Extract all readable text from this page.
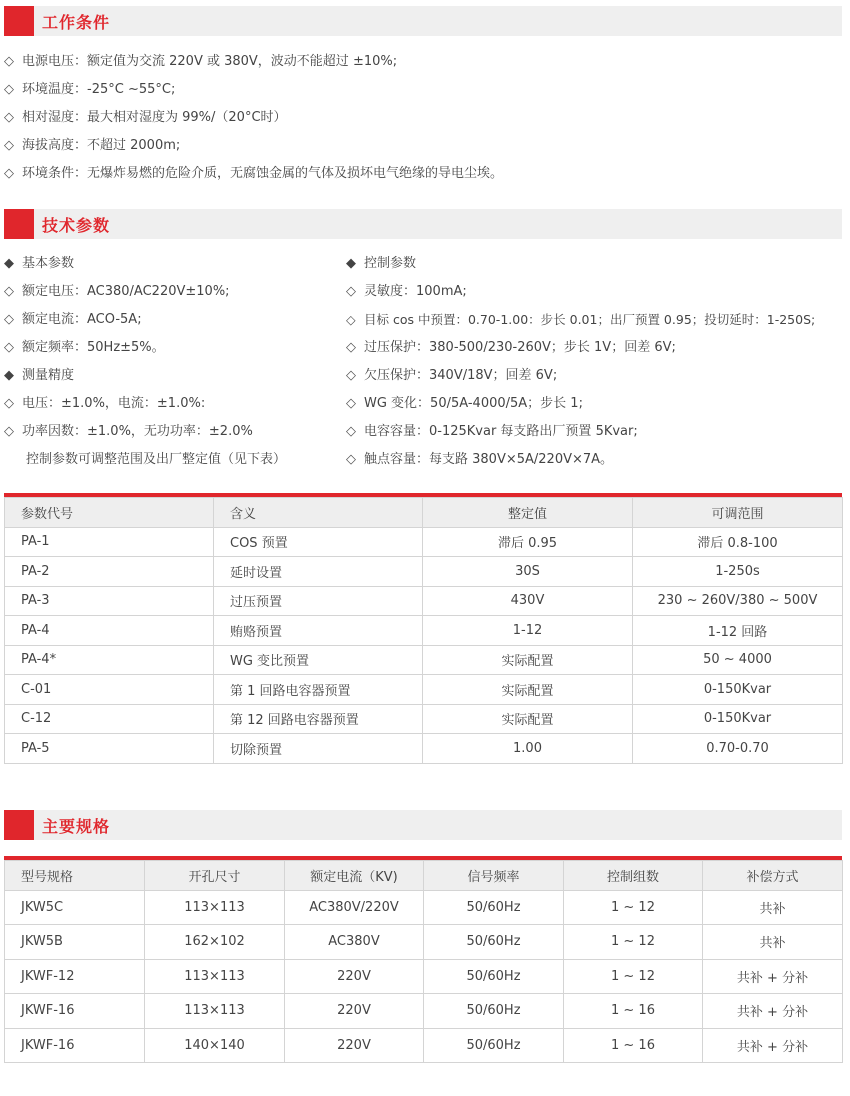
工作条件
◇ 电源电压：额定值为交流 220V 或 380V，波动不能超过 ±10%;
◇ 环境温度：-25°C ~55°C;
◇ 相对湿度：最大相对湿度为 99%/（20°C时）
◇ 海拔高度：不超过 2000m;
◇ 环境条件：无爆炸易燃的危险介质，无腐蚀金属的气体及损坏电气绝缘的导电尘埃。
技术参数
◆ 基本参数
◇ 额定电压：AC380/AC220V±10%;
◇ 额定电流：ACO-5A;
◇ 额定频率：50Hz±5%。
◆ 测量精度
◇ 电压：±1.0%，电流：±1.0%:
◇ 功率因数：±1.0%，无功功率：±2.0%
控制参数可调整范围及出厂整定值（见下表）
◆ 控制参数
◇ 灵敏度：100mA;
◇ 目标 cos 中预置：0.70-1.00：步长 0.01；出厂预置 0.95；投切延时：1-250S;
◇ 过压保护：380-500/230-260V；步长 1V；回差 6V;
◇ 欠压保护：340V/18V；回差 6V;
◇ WG 变化：50/5A-4000/5A；步长 1;
◇ 电容容量：0-125Kvar 每支路出厂预置 5Kvar;
◇ 触点容量：每支路 380V×5A/220V×7A。
参数代号	含义	整定值	可调范围
PA-1	COS 预置	滞后 0.95	滞后 0.8-100
PA-2	延时设置	30S	1-250s
PA-3	过压预置	430V	230 ~ 260V/380 ~ 500V
PA-4	贿赂预置	1-12	1-12 回路
PA-4*	WG 变比预置	实际配置	50 ~ 4000
C-01	第 1 回路电容器预置	实际配置	0-150Kvar
C-12	第 12 回路电容器预置	实际配置	0-150Kvar
PA-5	切除预置	1.00	0.70-0.70
主要规格
型号规格	开孔尺寸	额定电流（KV)	信号频率	控制组数	补偿方式
JKW5C	113×113	AC380V/220V	50/60Hz	1 ~ 12	共补
JKW5B	162×102	AC380V	50/60Hz	1 ~ 12	共补
JKWF-12	113×113	220V	50/60Hz	1 ~ 12	共补 + 分补
JKWF-16	113×113	220V	50/60Hz	1 ~ 16	共补 + 分补
JKWF-16	140×140	220V	50/60Hz	1 ~ 16	共补 + 分补
